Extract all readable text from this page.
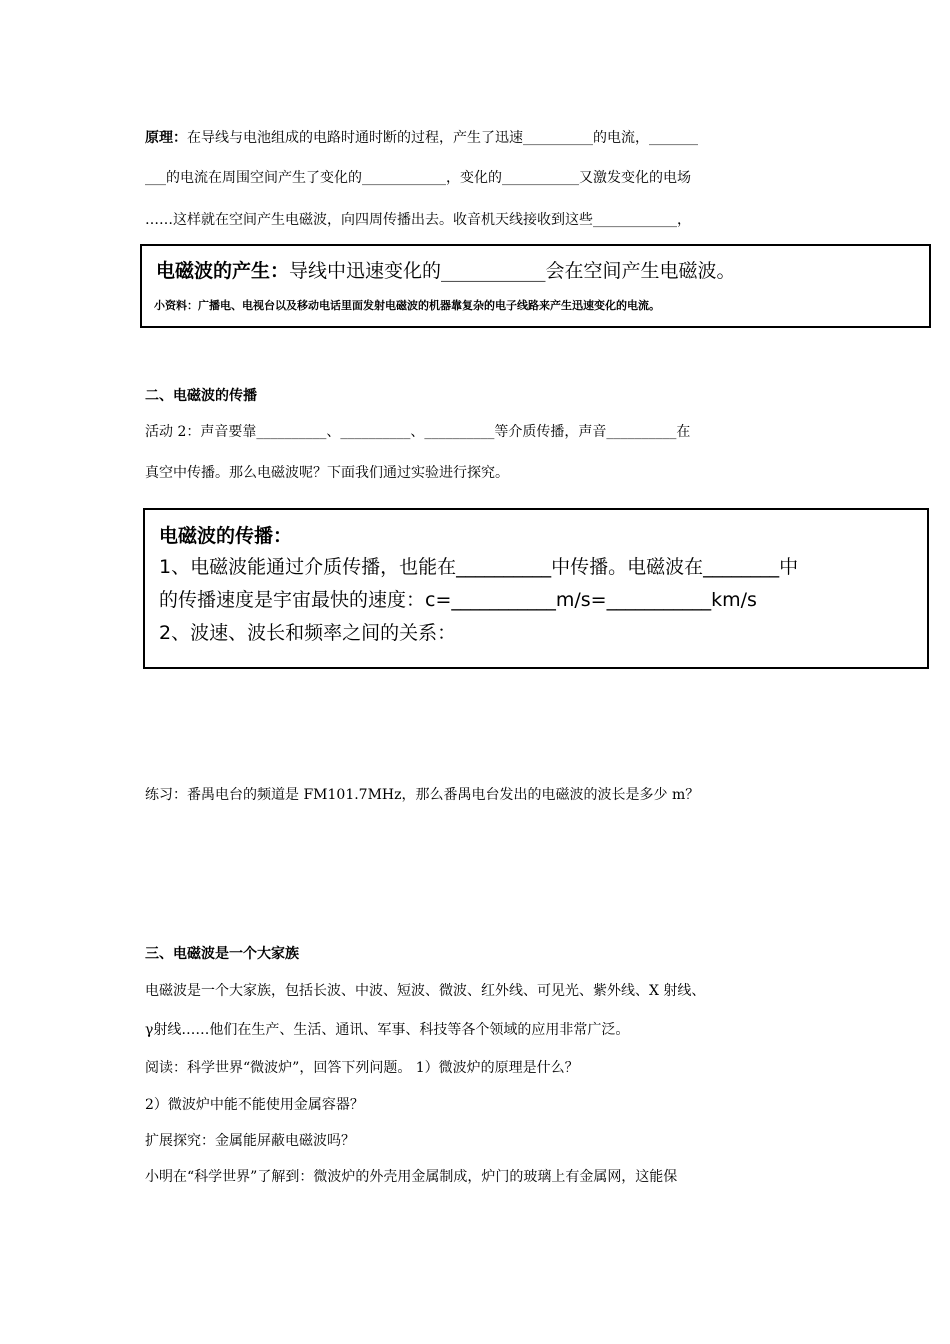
原理：在导线与电池组成的电路时通时断的过程，产生了迅速__________的电流，_______
___的电流在周围空间产生了变化的____________，变化的___________又激发变化的电场
……这样就在空间产生电磁波，向四周传播出去。收音机天线接收到这些____________，
电磁波的产生：导线中迅速变化的___________会在空间产生电磁波。
小资料：广播电、电视台以及移动电话里面发射电磁波的机器靠复杂的电子线路来产生迅速变化的电流。
二、电磁波的传播
活动 2：声音要靠__________、__________、__________等介质传播，声音__________在
真空中传播。那么电磁波呢？下面我们通过实验进行探究。
电磁波的传播：
1、电磁波能通过介质传播，也能在__________中传播。电磁波在________中
的传播速度是宇宙最快的速度：c=___________m/s=___________km/s
2、波速、波长和频率之间的关系：
练习：番禺电台的频道是 FM101.7MHz，那么番禺电台发出的电磁波的波长是多少 m？
三、电磁波是一个大家族
电磁波是一个大家族，包括长波、中波、短波、微波、红外线、可见光、紫外线、X 射线、
γ射线……他们在生产、生活、通讯、军事、科技等各个领域的应用非常广泛。
阅读：科学世界“微波炉”，回答下列问题。 1）微波炉的原理是什么？
2）微波炉中能不能使用金属容器？
扩展探究：金属能屏蔽电磁波吗？
小明在“科学世界”了解到：微波炉的外壳用金属制成，炉门的玻璃上有金属网，这能保
